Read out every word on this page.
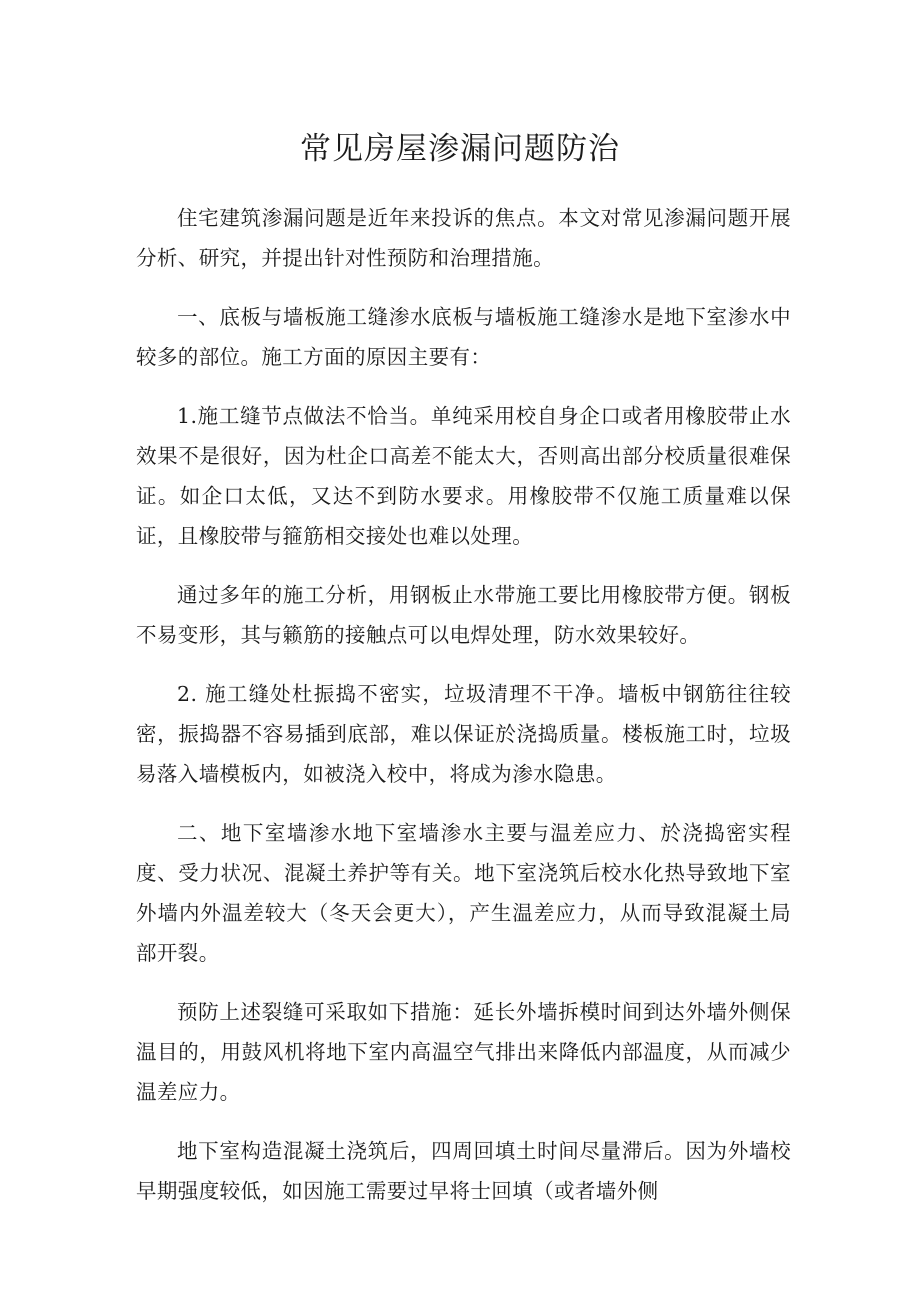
常见房屋渗漏问题防治

住宅建筑渗漏问题是近年来投诉的焦点。本文对常见渗漏问题开展分析、研究，并提出针对性预防和治理措施。

一、底板与墙板施工缝渗水底板与墙板施工缝渗水是地下室渗水中较多的部位。施工方面的原因主要有：

1.施工缝节点做法不恰当。单纯采用校自身企口或者用橡胶带止水效果不是很好，因为杜企口高差不能太大，否则高出部分校质量很难保证。如企口太低，又达不到防水要求。用橡胶带不仅施工质量难以保证，且橡胶带与箍筋相交接处也难以处理。

通过多年的施工分析，用钢板止水带施工要比用橡胶带方便。钢板不易变形，其与籁筋的接触点可以电焊处理，防水效果较好。

2. 施工缝处杜振捣不密实，垃圾清理不干净。墙板中钢筋往往较密，振捣器不容易插到底部，难以保证於浇捣质量。楼板施工时，垃圾易落入墙模板内，如被浇入校中，将成为渗水隐患。

二、地下室墙渗水地下室墙渗水主要与温差应力、於浇捣密实程度、受力状况、混凝土养护等有关。地下室浇筑后校水化热导致地下室外墙内外温差较大（冬天会更大），产生温差应力，从而导致混凝土局部开裂。

预防上述裂缝可采取如下措施：延长外墙拆模时间到达外墙外侧保温目的，用鼓风机将地下室内高温空气排出来降低内部温度，从而减少温差应力。

地下室构造混凝土浇筑后，四周回填土时间尽量滞后。因为外墙校早期强度较低，如因施工需要过早将士回填（或者墙外侧
